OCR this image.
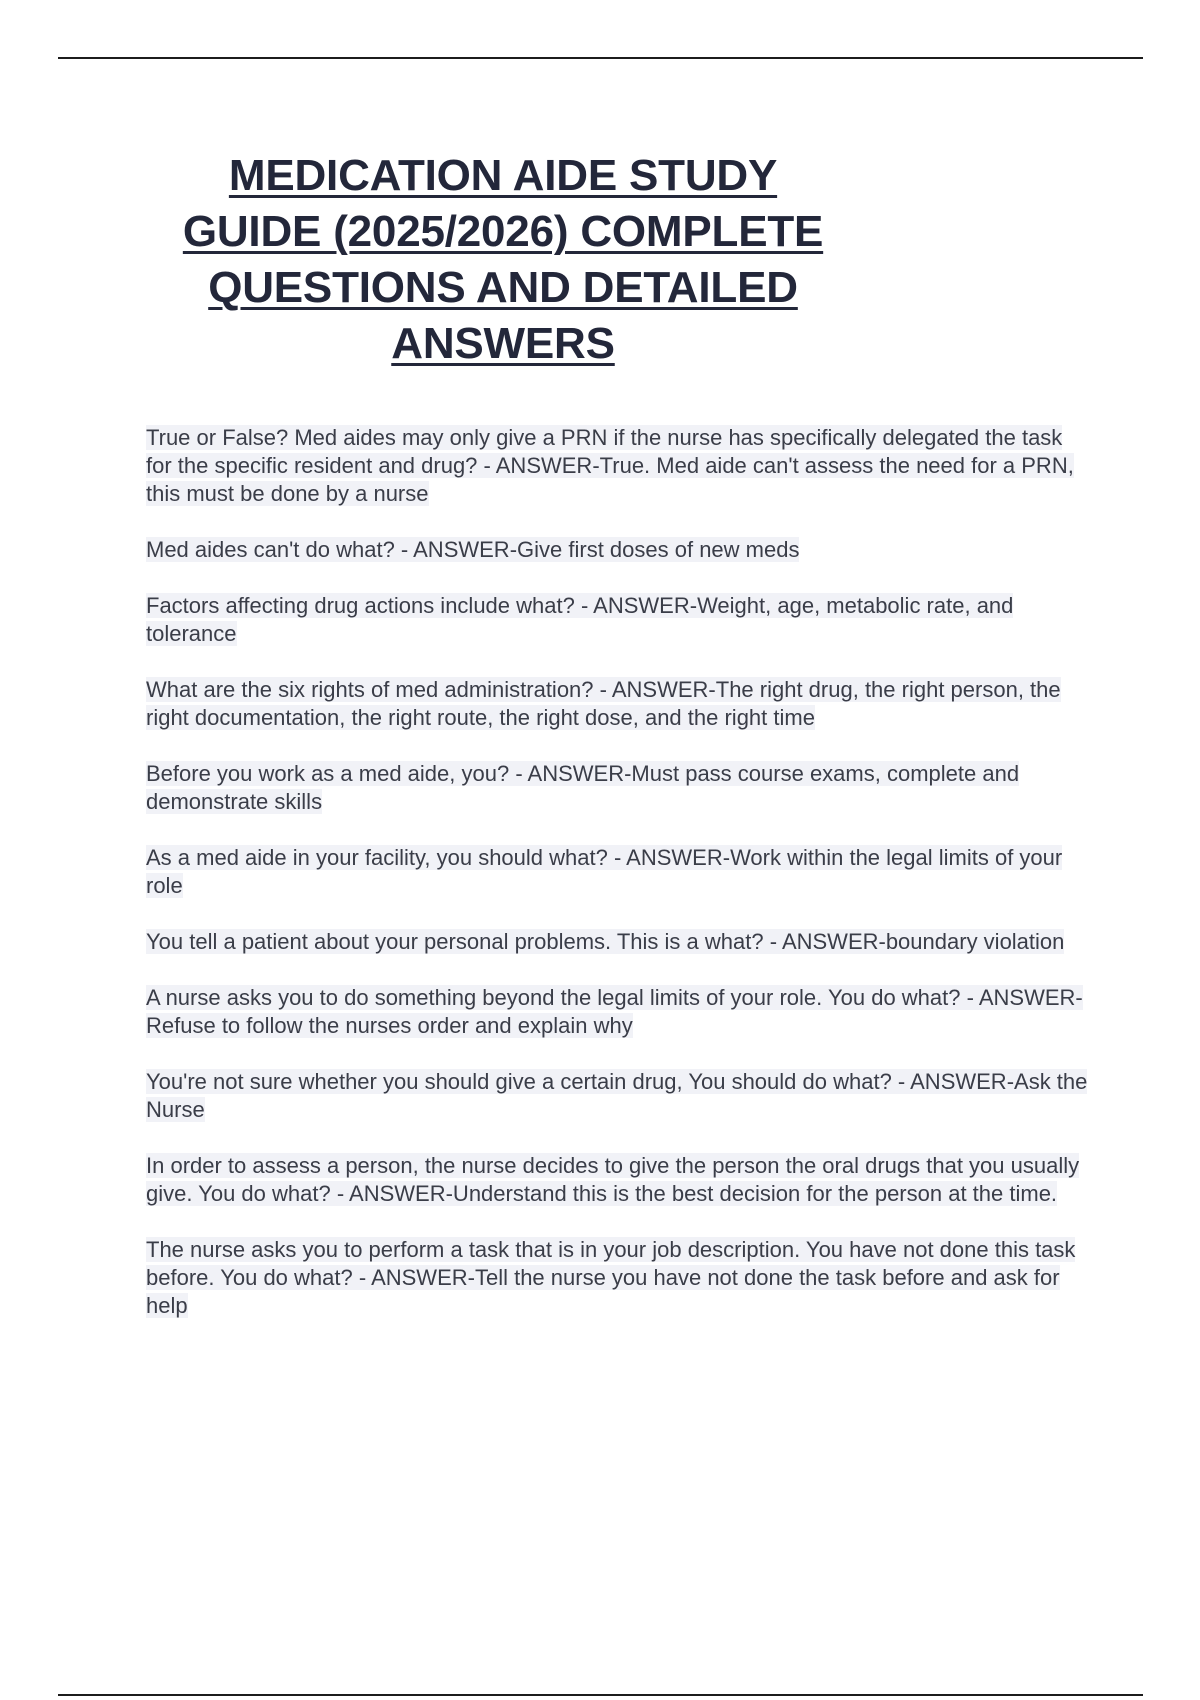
MEDICATION AIDE STUDY
GUIDE (2025/2026) COMPLETE
QUESTIONS AND DETAILED
ANSWERS
True or False? Med aides may only give a PRN if the nurse has specifically delegated the task for the specific resident and drug? - ANSWER-True. Med aide can't assess the need for a PRN, this must be done by a nurse
Med aides can't do what? - ANSWER-Give first doses of new meds
Factors affecting drug actions include what? - ANSWER-Weight, age, metabolic rate, and tolerance
What are the six rights of med administration? - ANSWER-The right drug, the right person, the right documentation, the right route, the right dose, and the right time
Before you work as a med aide, you? - ANSWER-Must pass course exams, complete and demonstrate skills
As a med aide in your facility, you should what? - ANSWER-Work within the legal limits of your role
You tell a patient about your personal problems. This is a what? - ANSWER-boundary violation
A nurse asks you to do something beyond the legal limits of your role. You do what? - ANSWER-Refuse to follow the nurses order and explain why
You're not sure whether you should give a certain drug, You should do what? - ANSWER-Ask the Nurse
In order to assess a person, the nurse decides to give the person the oral drugs that you usually give. You do what? - ANSWER-Understand this is the best decision for the person at the time.
The nurse asks you to perform a task that is in your job description. You have not done this task before. You do what? - ANSWER-Tell the nurse you have not done the task before and ask for help
